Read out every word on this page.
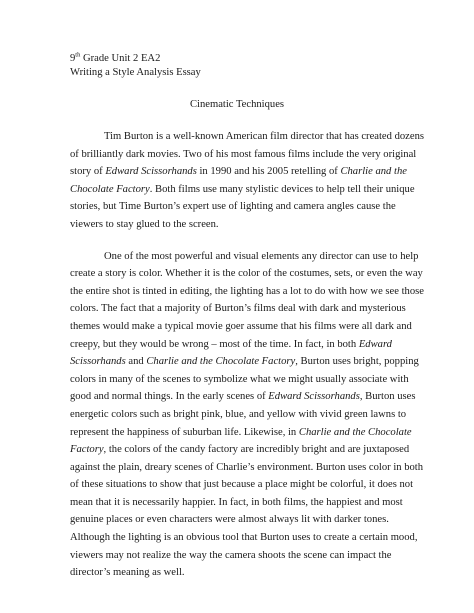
9th Grade Unit 2 EA2
Writing a Style Analysis Essay
Cinematic Techniques
Tim Burton is a well-known American film director that has created dozens
of brilliantly dark movies. Two of his most famous films include the very original
story of Edward Scissorhands in 1990 and his 2005 retelling of Charlie and the
Chocolate Factory. Both films use many stylistic devices to help tell their unique
stories, but Time Burton’s expert use of lighting and camera angles cause the
viewers to stay glued to the screen.
One of the most powerful and visual elements any director can use to help
create a story is color. Whether it is the color of the costumes, sets, or even the way
the entire shot is tinted in editing, the lighting has a lot to do with how we see those
colors. The fact that a majority of Burton’s films deal with dark and mysterious
themes would make a typical movie goer assume that his films were all dark and
creepy, but they would be wrong – most of the time. In fact, in both Edward
Scissorhands and Charlie and the Chocolate Factory, Burton uses bright, popping
colors in many of the scenes to symbolize what we might usually associate with
good and normal things. In the early scenes of Edward Scissorhands, Burton uses
energetic colors such as bright pink, blue, and yellow with vivid green lawns to
represent the happiness of suburban life. Likewise, in Charlie and the Chocolate
Factory, the colors of the candy factory are incredibly bright and are juxtaposed
against the plain, dreary scenes of Charlie’s environment. Burton uses color in both
of these situations to show that just because a place might be colorful, it does not
mean that it is necessarily happier. In fact, in both films, the happiest and most
genuine places or even characters were almost always lit with darker tones.
Although the lighting is an obvious tool that Burton uses to create a certain mood,
viewers may not realize the way the camera shoots the scene can impact the
director’s meaning as well.
